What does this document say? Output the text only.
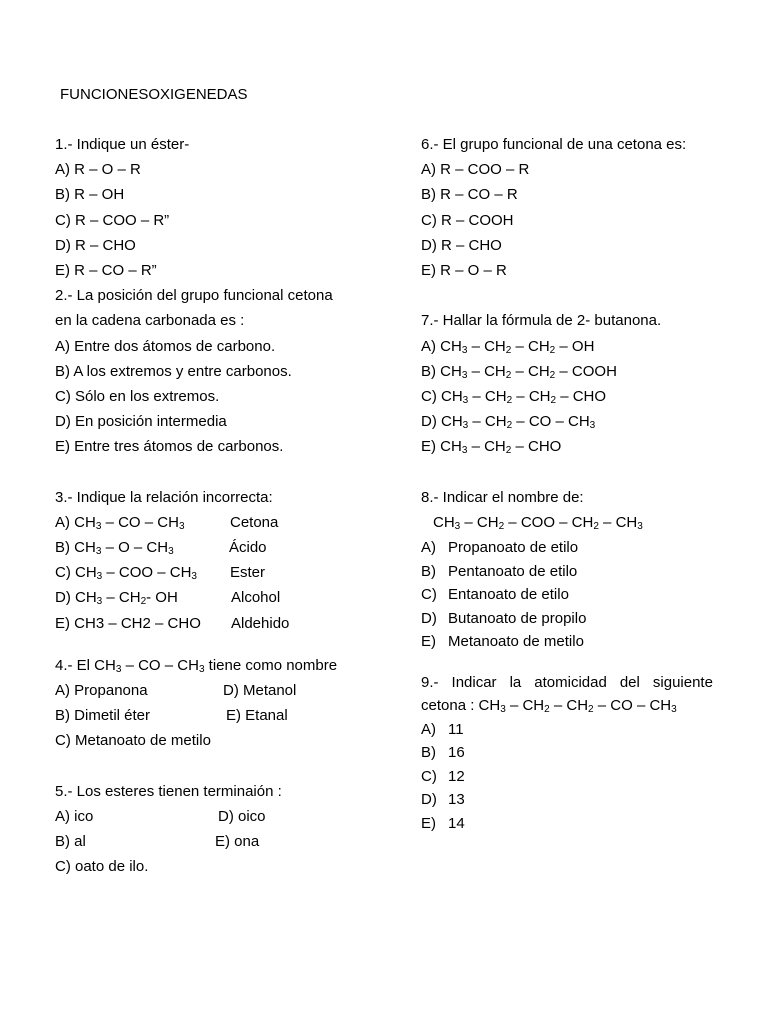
FUNCIONESOXIGENEDAS
1.- Indique un éster-
A) R – O – R
B) R – OH
C) R – COO – R”
D) R – CHO
E) R – CO – R”
2.- La posición del grupo funcional cetona
en la cadena carbonada es :
A) Entre dos átomos de carbono.
B) A los extremos y entre carbonos.
C) Sólo en los extremos.
D) En posición intermedia
E) Entre tres átomos de carbonos.
3.- Indique la relación incorrecta:
A) $CH_3$ – CO – $CH_3$	Cetona
B) $CH_3$ – O – $CH_3$	Ácido
C) $CH_3$ – COO – $CH_3$ Ester
D) $CH_3 - CH_2-$ OH	Alcohol
E) CH3 – CH2 – CHO Aldehido
4.- El $CH_3$ – CO – $CH_3$ tiene como nombre
A) Propanona	D) Metanol
B) Dimetil éter	E) Etanal
C) Metanoato de metilo
5.- Los esteres tienen terminaión :
A) ico	D) oico
B) al	E) ona
C) oato de ilo.
6.- El grupo funcional de una cetona es:
A) R – COO – R
B) R – CO – R
C) R – COOH
D) R – CHO
E) R – O – R
7.- Hallar la fórmula de 2- butanona.
A) $CH_3 - CH_2 - CH_2$ – OH
B) $CH_3 - CH_2 - CH_2$ – COOH
C) $CH_3 - CH_2 - CH_2$ – CHO
D) $CH_3 - CH_2$ – CO – $CH_3$
E) $CH_3 - CH_2$ – CHO
8.- Indicar el nombre de:
$CH_3 - CH_2$ – COO – $CH_2 - CH_3$
A) Propanoato de etilo
B) Pentanoato de etilo
C) Entanoato de etilo
D) Butanoato de propilo
E) Metanoato de metilo
9.- Indicar la atomicidad del siguiente
cetona : $CH_3 - CH_2 - CH_2$ – CO – $CH_3$
A) 11
B) 16
C) 12
D) 13
E) 14
